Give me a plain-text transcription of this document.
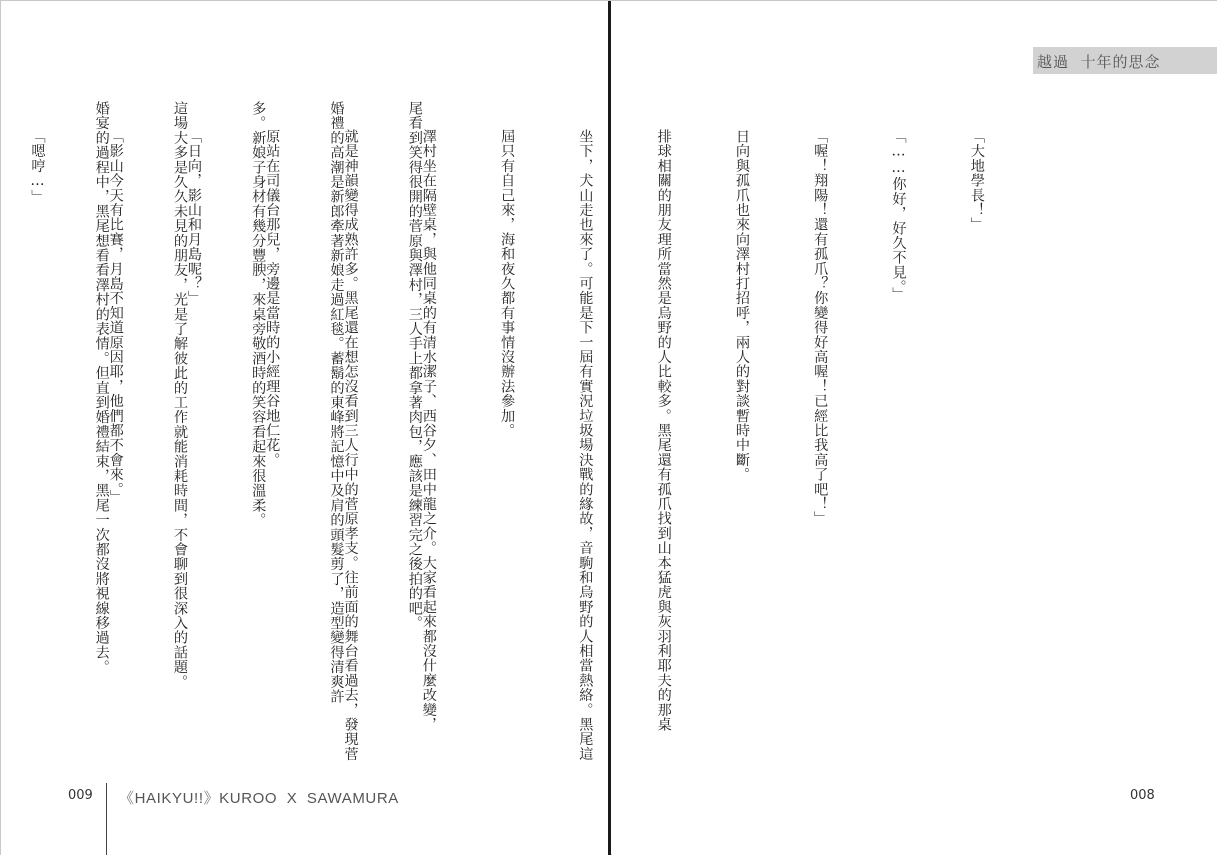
尾看到笑得很開的菅原與澤村，三人手上都拿著肉包，應該是練習完之後拍的吧。

婚禮的高潮是新郎牽著新娘走過紅毯。蓄鬍的東峰將記憶中及肩的頭髮剪了，造型變得清爽許

多。新娘子身材有幾分豐腴，來桌旁敬酒時的笑容看起來很溫柔。

這場大多是久久未見的朋友，光是了解彼此的工作就能消耗時間，不會聊到很深入的話題。

婚宴的過程中，黑尾想看看澤村的表情。但直到婚禮結束，黑尾一次都沒將視線移過去。

009 《HAIKYU!!》KUROO  X  SAWAMURA
越過  十年的思念

「大地學長！」

「……你好，好久不見。」

「喔！翔陽！還有孤爪？你變得好高喔！已經比我高了吧！」

日向與孤爪也來向澤村打招呼，兩人的對談暫時中斷。

排球相關的朋友理所當然是烏野的人比較多。黑尾還有孤爪找到山本猛虎與灰羽利耶夫的那桌

坐下，犬山走也來了。可能是下一屆有實況垃圾場決戰的緣故，音駒和烏野的人相當熱絡。黑尾這

屆只有自己來，海和夜久都有事情沒辦法參加。

澤村坐在隔壁桌，與他同桌的有清水潔子、西谷夕、田中龍之介。大家看起來都沒什麼改變，

就是神韻變得成熟許多。黑尾還在想怎沒看到三人行中的菅原孝支。往前面的舞台看過去，發現菅

原站在司儀台那兒，旁邊是當時的小經理谷地仁花。

「日向，影山和月島呢？」

「影山今天有比賽，月島不知道原因耶，他們都不會來。」

「嗯哼…」

008
